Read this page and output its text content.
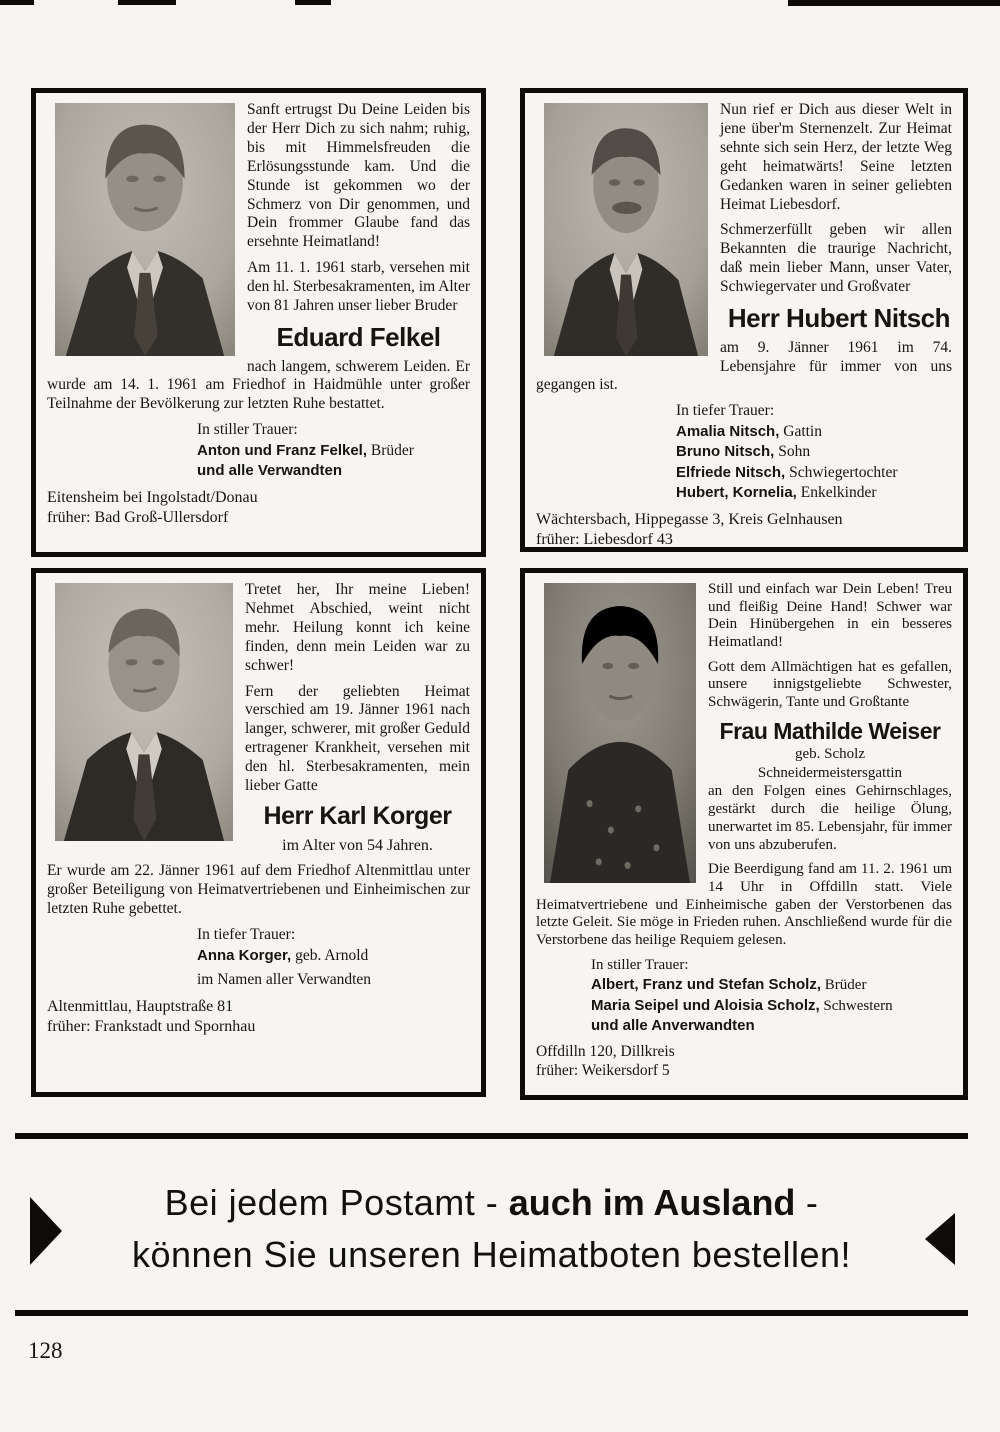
Sanft ertrugst Du Deine Leiden bis der Herr Dich zu sich nahm; ruhig, bis mit Himmelsfreuden die Erlösungsstunde kam. Und die Stunde ist gekommen wo der Schmerz von Dir genommen, und Dein frommer Glaube fand das ersehnte Heimatland!

Am 11. 1. 1961 starb, versehen mit den hl. Sterbesakramenten, im Alter von 81 Jahren unser lieber Bruder

Eduard Felkel

nach langem, schwerem Leiden. Er wurde am 14. 1. 1961 am Friedhof in Haidmühle unter großer Teilnahme der Bevölkerung zur letzten Ruhe bestattet.

In stiller Trauer:
Anton und Franz Felkel, Brüder
und alle Verwandten
Eitensheim bei Ingolstadt/Donau
früher: Bad Groß-Ullersdorf

Nun rief er Dich aus dieser Welt in jene über'm Sternenzelt. Zur Heimat sehnte sich sein Herz, der letzte Weg geht heimatwärts! Seine letzten Gedanken waren in seiner geliebten Heimat Liebesdorf.

Schmerzerfüllt geben wir allen Bekannten die traurige Nachricht, daß mein lieber Mann, unser Vater, Schwiegervater und Großvater

Herr Hubert Nitsch

am 9. Jänner 1961 im 74. Lebensjahre für immer von uns gegangen ist.

In tiefer Trauer:
Amalia Nitsch, Gattin
Bruno Nitsch, Sohn
Elfriede Nitsch, Schwiegertochter
Hubert, Kornelia, Enkelkinder
Wächtersbach, Hippegasse 3, Kreis Gelnhausen
früher: Liebesdorf 43

Tretet her, Ihr meine Lieben! Nehmet Abschied, weint nicht mehr. Heilung konnt ich keine finden, denn mein Leiden war zu schwer!

Fern der geliebten Heimat verschied am 19. Jänner 1961 nach langer, schwerer, mit großer Geduld ertragener Krankheit, versehen mit den hl. Sterbesakramenten, mein lieber Gatte

Herr Karl Korger
im Alter von 54 Jahren.

Er wurde am 22. Jänner 1961 auf dem Friedhof Altenmittlau unter großer Beteiligung von Heimatvertriebenen und Einheimischen zur letzten Ruhe gebettet.

In tiefer Trauer:
Anna Korger, geb. Arnold
im Namen aller Verwandten
Altenmittlau, Hauptstraße 81
früher: Frankstadt und Spornhau

Still und einfach war Dein Leben! Treu und fleißig Deine Hand! Schwer war Dein Hinübergehen in ein besseres Heimatland!

Gott dem Allmächtigen hat es gefallen, unsere innigstgeliebte Schwester, Schwägerin, Tante und Großtante

Frau Mathilde Weiser
geb. Scholz
Schneidermeistersgattin

an den Folgen eines Gehirnschlages, gestärkt durch die heilige Ölung, unerwartet im 85. Lebensjahr, für immer von uns abzuberufen.

Die Beerdigung fand am 11. 2. 1961 um 14 Uhr in Offdilln statt. Viele Heimatvertriebene und Einheimische gaben der Verstorbenen das letzte Geleit. Sie möge in Frieden ruhen. Anschließend wurde für die Verstorbene das heilige Requiem gelesen.

In stiller Trauer:
Albert, Franz und Stefan Scholz, Brüder
Maria Seipel und Aloisia Scholz, Schwestern
und alle Anverwandten
Offdilln 120, Dillkreis
früher: Weikersdorf 5
Bei jedem Postamt - auch im Ausland -
können Sie unseren Heimatboten bestellen!
128
